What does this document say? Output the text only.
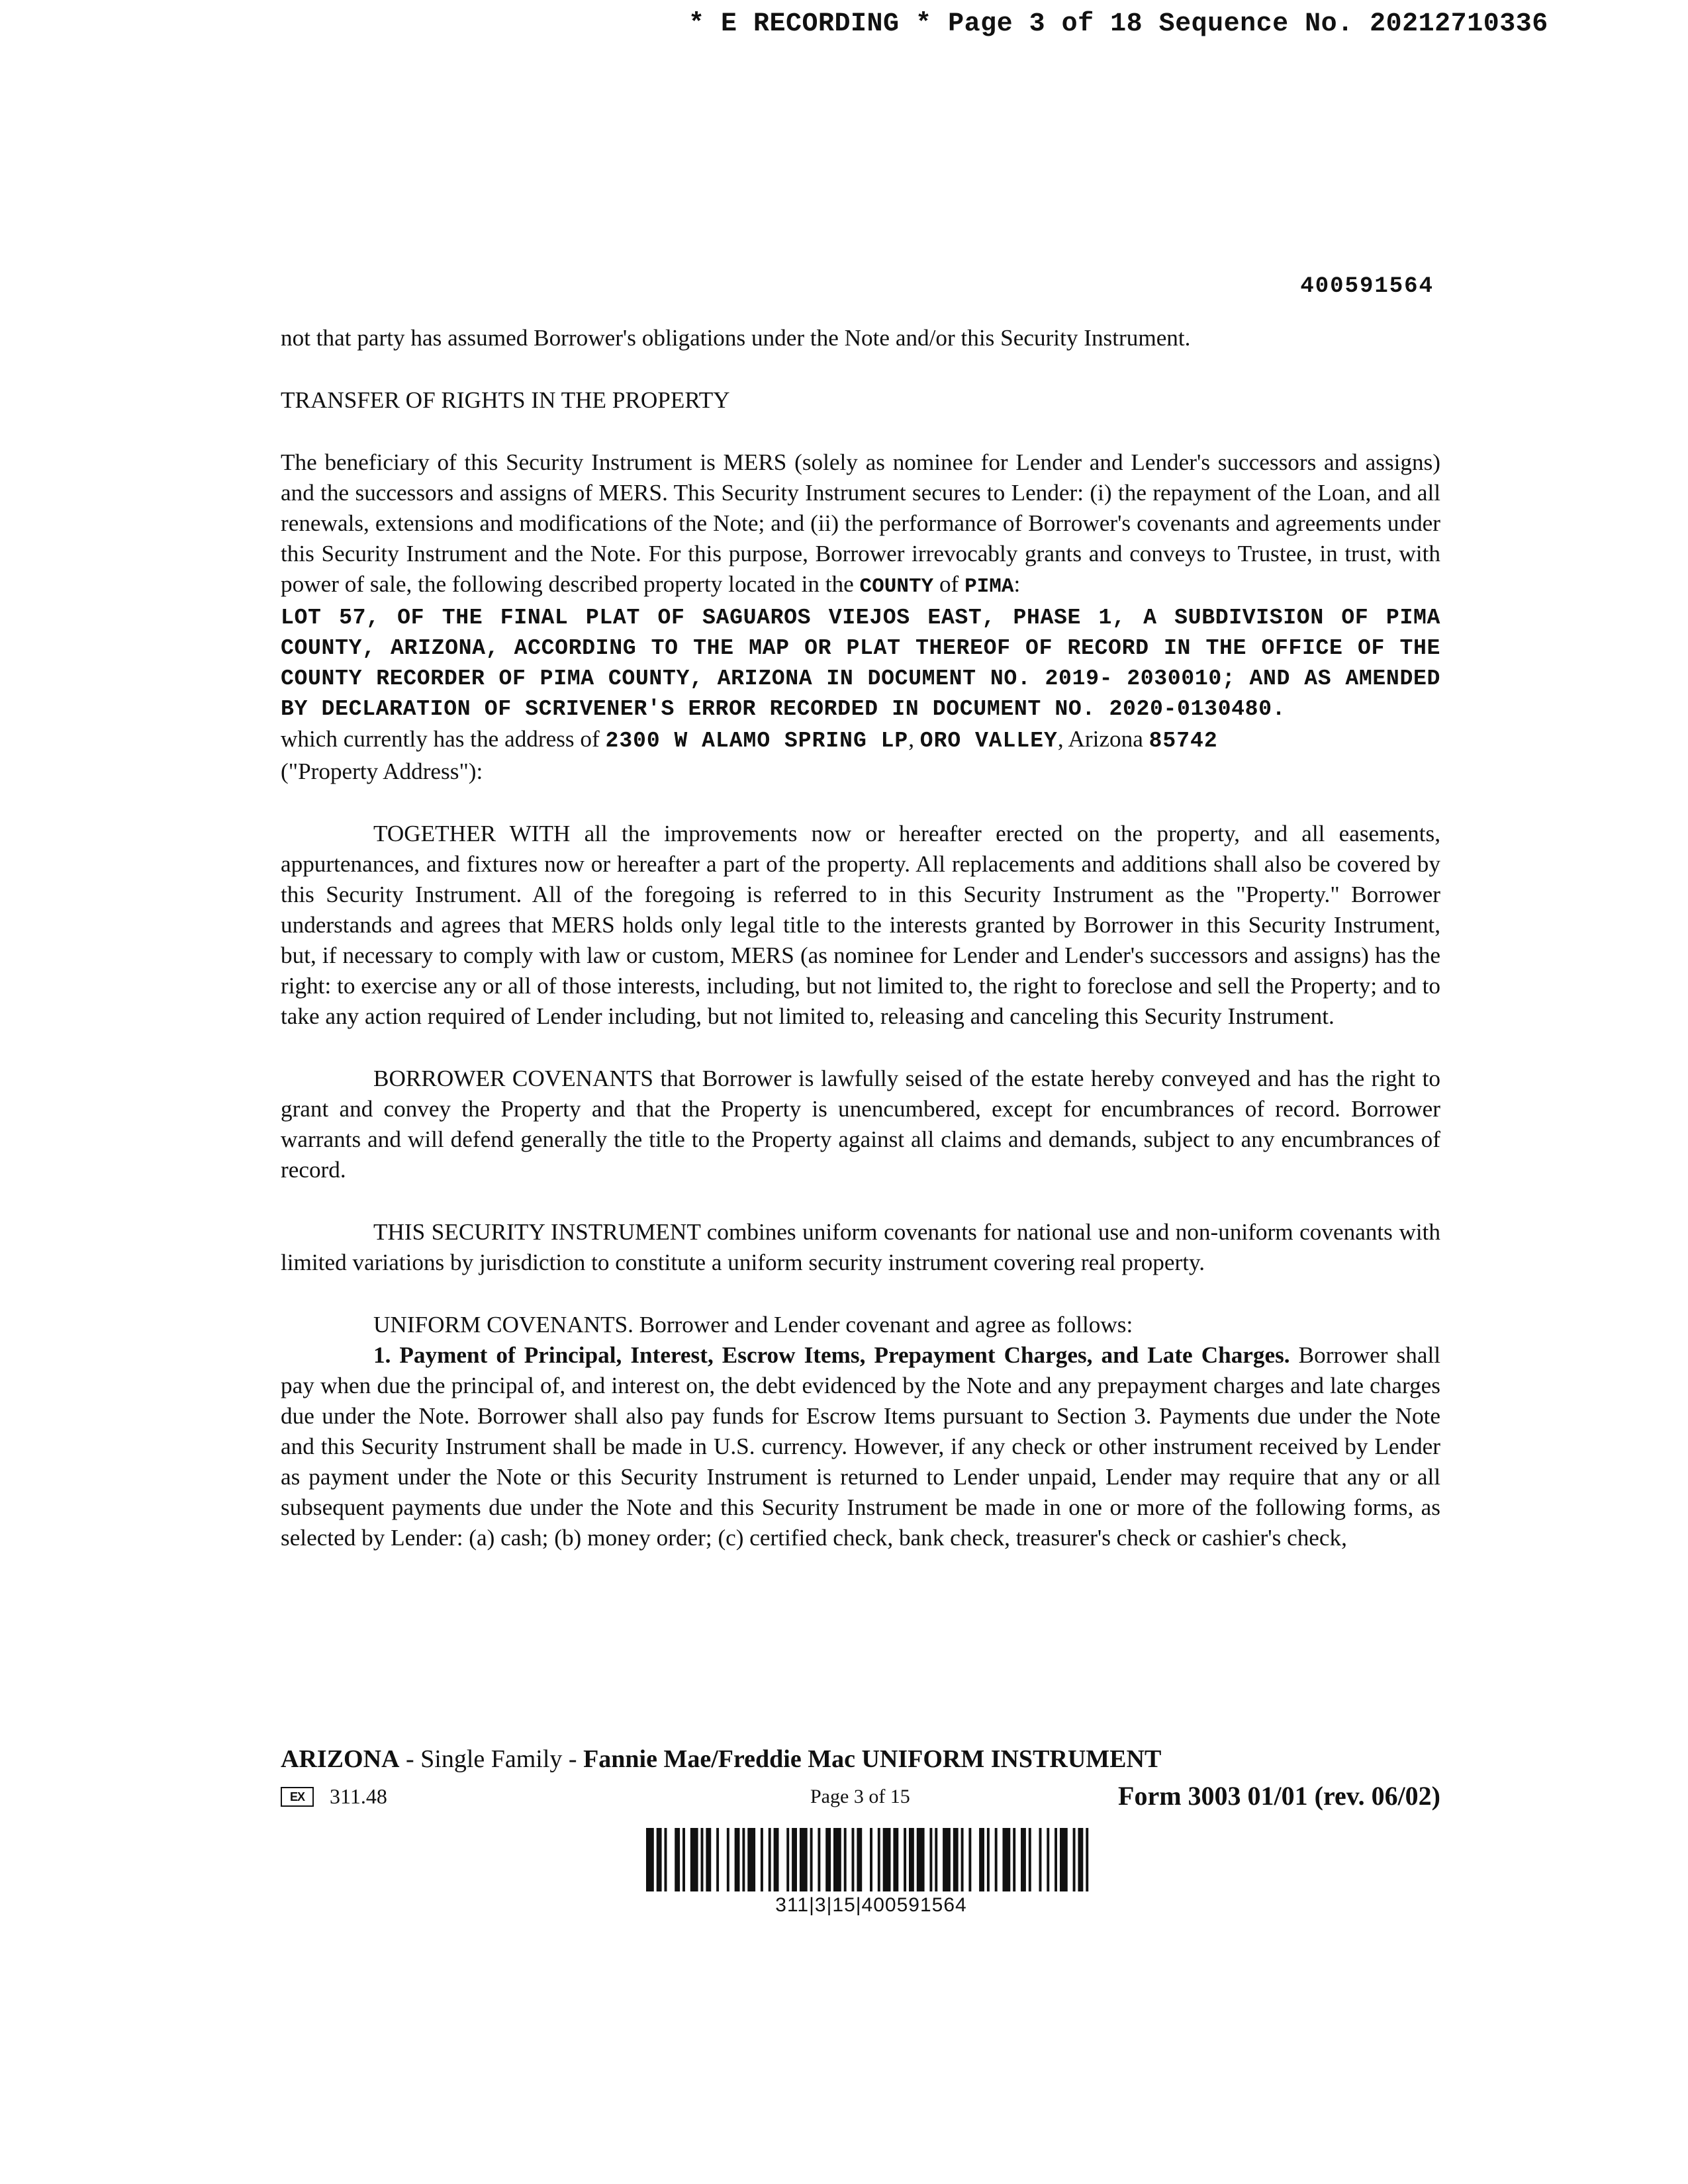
* E RECORDING * Page 3 of 18 Sequence No. 20212710336
400591564

not that party has assumed Borrower's obligations under the Note and/or this Security Instrument.

TRANSFER OF RIGHTS IN THE PROPERTY

The beneficiary of this Security Instrument is MERS (solely as nominee for Lender and Lender's successors and assigns) and the successors and assigns of MERS. This Security Instrument secures to Lender: (i) the repayment of the Loan, and all renewals, extensions and modifications of the Note; and (ii) the performance of Borrower's covenants and agreements under this Security Instrument and the Note. For this purpose, Borrower irrevocably grants and conveys to Trustee, in trust, with power of sale, the following described property located in the COUNTY of PIMA:

LOT 57, OF THE FINAL PLAT OF SAGUAROS VIEJOS EAST, PHASE 1, A SUBDIVISION OF PIMA COUNTY, ARIZONA, ACCORDING TO THE MAP OR PLAT THEREOF OF RECORD IN THE OFFICE OF THE COUNTY RECORDER OF PIMA COUNTY, ARIZONA IN DOCUMENT NO. 2019- 2030010; AND AS AMENDED BY DECLARATION OF SCRIVENER'S ERROR RECORDED IN DOCUMENT NO. 2020-0130480.

which currently has the address of 2300 W ALAMO SPRING LP, ORO VALLEY, Arizona 85742

("Property Address"):

TOGETHER WITH all the improvements now or hereafter erected on the property, and all easements, appurtenances, and fixtures now or hereafter a part of the property. All replacements and additions shall also be covered by this Security Instrument. All of the foregoing is referred to in this Security Instrument as the "Property." Borrower understands and agrees that MERS holds only legal title to the interests granted by Borrower in this Security Instrument, but, if necessary to comply with law or custom, MERS (as nominee for Lender and Lender's successors and assigns) has the right: to exercise any or all of those interests, including, but not limited to, the right to foreclose and sell the Property; and to take any action required of Lender including, but not limited to, releasing and canceling this Security Instrument.

BORROWER COVENANTS that Borrower is lawfully seised of the estate hereby conveyed and has the right to grant and convey the Property and that the Property is unencumbered, except for encumbrances of record. Borrower warrants and will defend generally the title to the Property against all claims and demands, subject to any encumbrances of record.

THIS SECURITY INSTRUMENT combines uniform covenants for national use and non-uniform covenants with limited variations by jurisdiction to constitute a uniform security instrument covering real property.

UNIFORM COVENANTS. Borrower and Lender covenant and agree as follows:

1. Payment of Principal, Interest, Escrow Items, Prepayment Charges, and Late Charges. Borrower shall pay when due the principal of, and interest on, the debt evidenced by the Note and any prepayment charges and late charges due under the Note. Borrower shall also pay funds for Escrow Items pursuant to Section 3. Payments due under the Note and this Security Instrument shall be made in U.S. currency. However, if any check or other instrument received by Lender as payment under the Note or this Security Instrument is returned to Lender unpaid, Lender may require that any or all subsequent payments due under the Note and this Security Instrument be made in one or more of the following forms, as selected by Lender: (a) cash; (b) money order; (c) certified check, bank check, treasurer's check or cashier's check,

ARIZONA - Single Family - Fannie Mae/Freddie Mac UNIFORM INSTRUMENT
EX	311.48	Page 3 of 15	Form 3003 01/01 (rev. 06/02)
311|3|15|400591564
